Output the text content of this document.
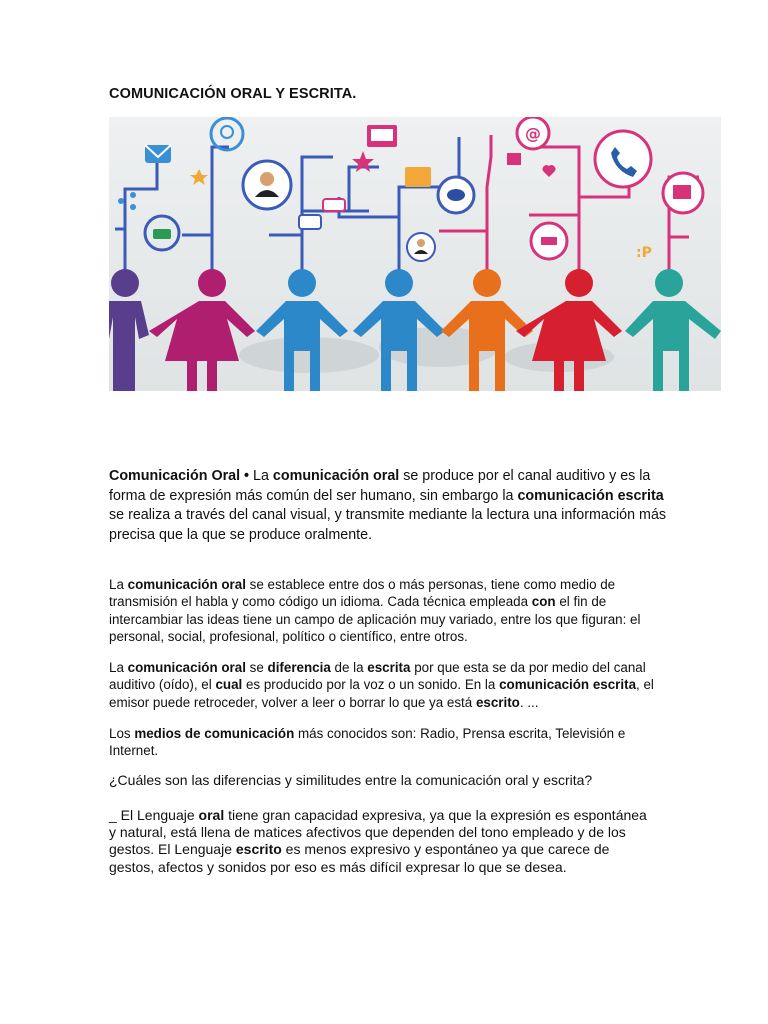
COMUNICACIÓN ORAL Y ESCRITA.
@
:P
Comunicación Oral • La comunicación oral se produce por el canal auditivo y es la forma de expresión más común del ser humano, sin embargo la comunicación escrita se realiza a través del canal visual, y transmite mediante la lectura una información más precisa que la que se produce oralmente.
La comunicación oral se establece entre dos o más personas, tiene como medio de transmisión el habla y como código un idioma. Cada técnica empleada con el fin de intercambiar las ideas tiene un campo de aplicación muy variado, entre los que figuran: el personal, social, profesional, político o científico, entre otros.
La comunicación oral se diferencia de la escrita por que esta se da por medio del canal auditivo (oído), el cual es producido por la voz o un sonido. En la comunicación escrita, el emisor puede retroceder, volver a leer o borrar lo que ya está escrito. ...
Los medios de comunicación más conocidos son: Radio, Prensa escrita, Televisión e Internet.
¿Cuáles son las diferencias y similitudes entre la comunicación oral y escrita?
_ El Lenguaje oral tiene gran capacidad expresiva, ya que la expresión es espontánea y natural, está llena de matices afectivos que dependen del tono empleado y de los gestos. El Lenguaje escrito es menos expresivo y espontáneo ya que carece de gestos, afectos y sonidos por eso es más difícil expresar lo que se desea.
